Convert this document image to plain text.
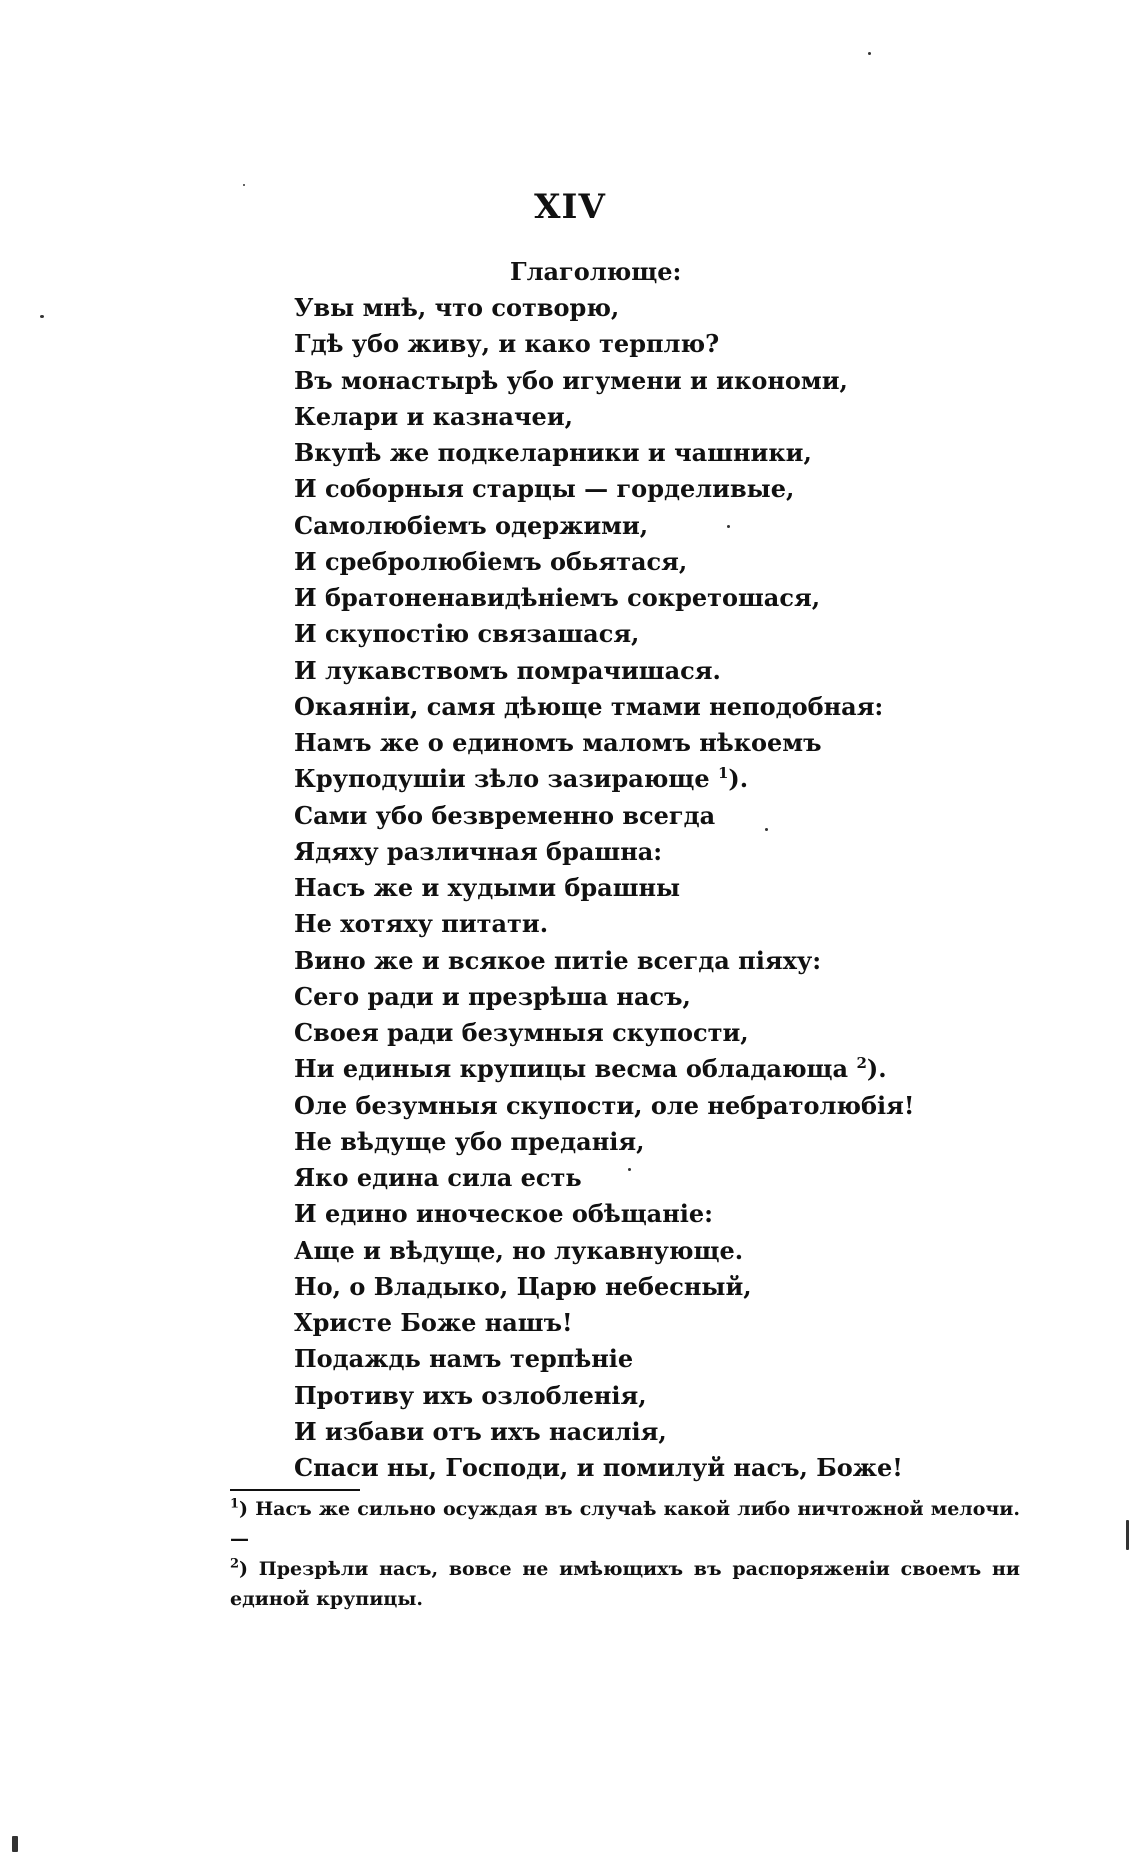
XIV
Глаголюще:
Увы мнѣ, что сотворю,
Гдѣ убо живу, и како терплю?
Въ монастырѣ убо игумени и икономи,
Келари и казначеи,
Вкупѣ же подкеларники и чашники,
И соборныя старцы — горделивые,
Самолюбіемъ одержими,
И сребролюбіемъ обьятася,
И братоненавидѣніемъ сокретошася,
И скупостію связашася,
И лукавствомъ помрачишася.
Окаяніи, самя дѣюще тмами неподобная:
Намъ же о единомъ маломъ нѣкоемъ
Круподушіи зѣло зазирающе $^1$).
Сами убо безвременно всегда
Ядяху различная брашна:
Насъ же и худыми брашны
Не хотяху питати.
Вино же и всякое питіе всегда піяху:
Сего ради и презрѣша насъ,
Своея ради безумныя скупости,
Ни единыя крупицы весма обладающа $^2$).
Оле безумныя скупости, оле небратолюбія!
Не вѣдуще убо преданія,
Яко едина сила есть
И едино иноческое обѣщаніе:
Аще и вѣдуще, но лукавнующе.
Но, о Владыко, Царю небесный,
Христе Боже нашъ!
Подаждь намъ терпѣніе
Противу ихъ озлобленія,
И избави отъ ихъ насилія,
Спаси ны, Господи, и помилуй насъ, Боже!

$^1$) Насъ же сильно осуждая въ случаѣ какой либо ничтожной мелочи. —

$^2$) Презрѣли насъ, вовсе не имѣющихъ въ распоряженіи своемъ ни единой крупицы.
